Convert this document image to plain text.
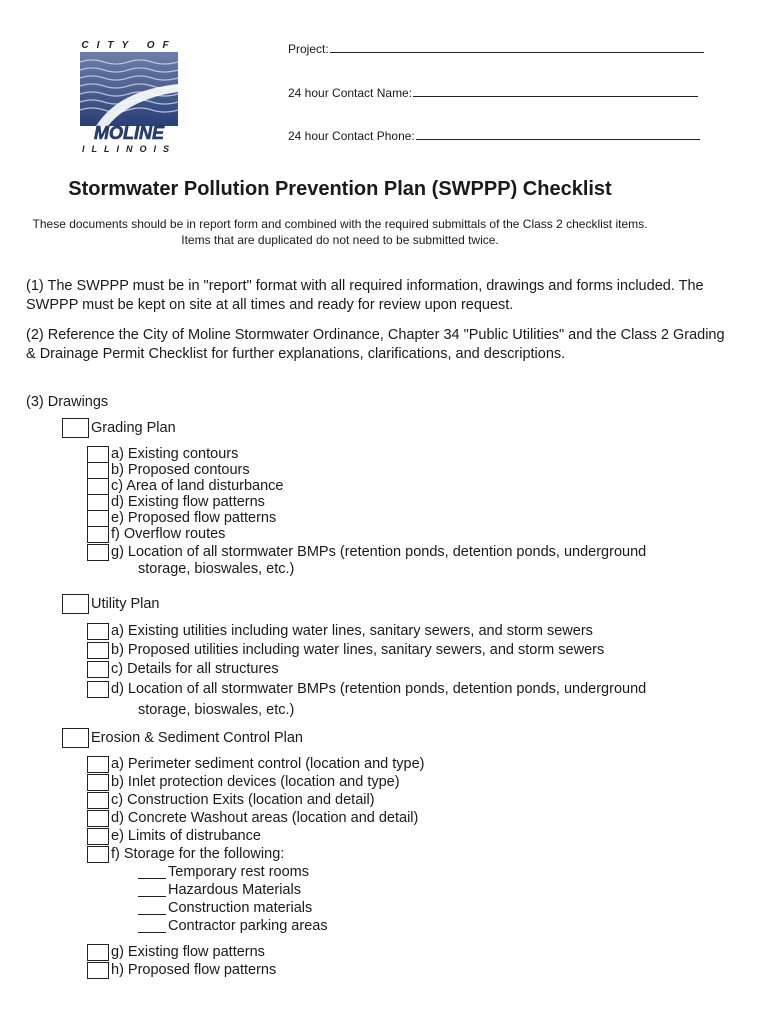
CITY OF
MOLINE
ILLINOIS
Project:
24 hour Contact Name:
24 hour Contact Phone:
Stormwater Pollution Prevention Plan (SWPPP) Checklist
These documents should be in report form and combined with the required submittals of the Class 2 checklist items. Items that are duplicated do not need to be submitted twice.
(1) The SWPPP must be in "report" format with all required information, drawings and forms included. The SWPPP must be kept on site at all times and ready for review upon request.
(2) Reference the City of Moline Stormwater Ordinance, Chapter 34 "Public Utilities" and the Class 2 Grading & Drainage Permit Checklist for further explanations, clarifications, and descriptions.
(3) Drawings
Grading Plan
a) Existing contours
b) Proposed contours
c) Area of land disturbance
d) Existing flow patterns
e) Proposed flow patterns
f) Overflow routes
g) Location of all stormwater BMPs (retention ponds, detention ponds, underground
storage, bioswales, etc.)
Utility Plan
a) Existing utilities including water lines, sanitary sewers, and storm sewers
b) Proposed utilities including water lines, sanitary sewers, and storm sewers
c) Details for all structures
d) Location of all stormwater BMPs (retention ponds, detention ponds, underground
storage, bioswales, etc.)
Erosion & Sediment Control Plan
a) Perimeter sediment control (location and type)
b) Inlet protection devices (location and type)
c) Construction Exits (location and detail)
d) Concrete Washout areas (location and detail)
e) Limits of distrubance
f) Storage for the following:
Temporary rest rooms
Hazardous Materials
Construction materials
Contractor parking areas
g) Existing flow patterns
h) Proposed flow patterns
